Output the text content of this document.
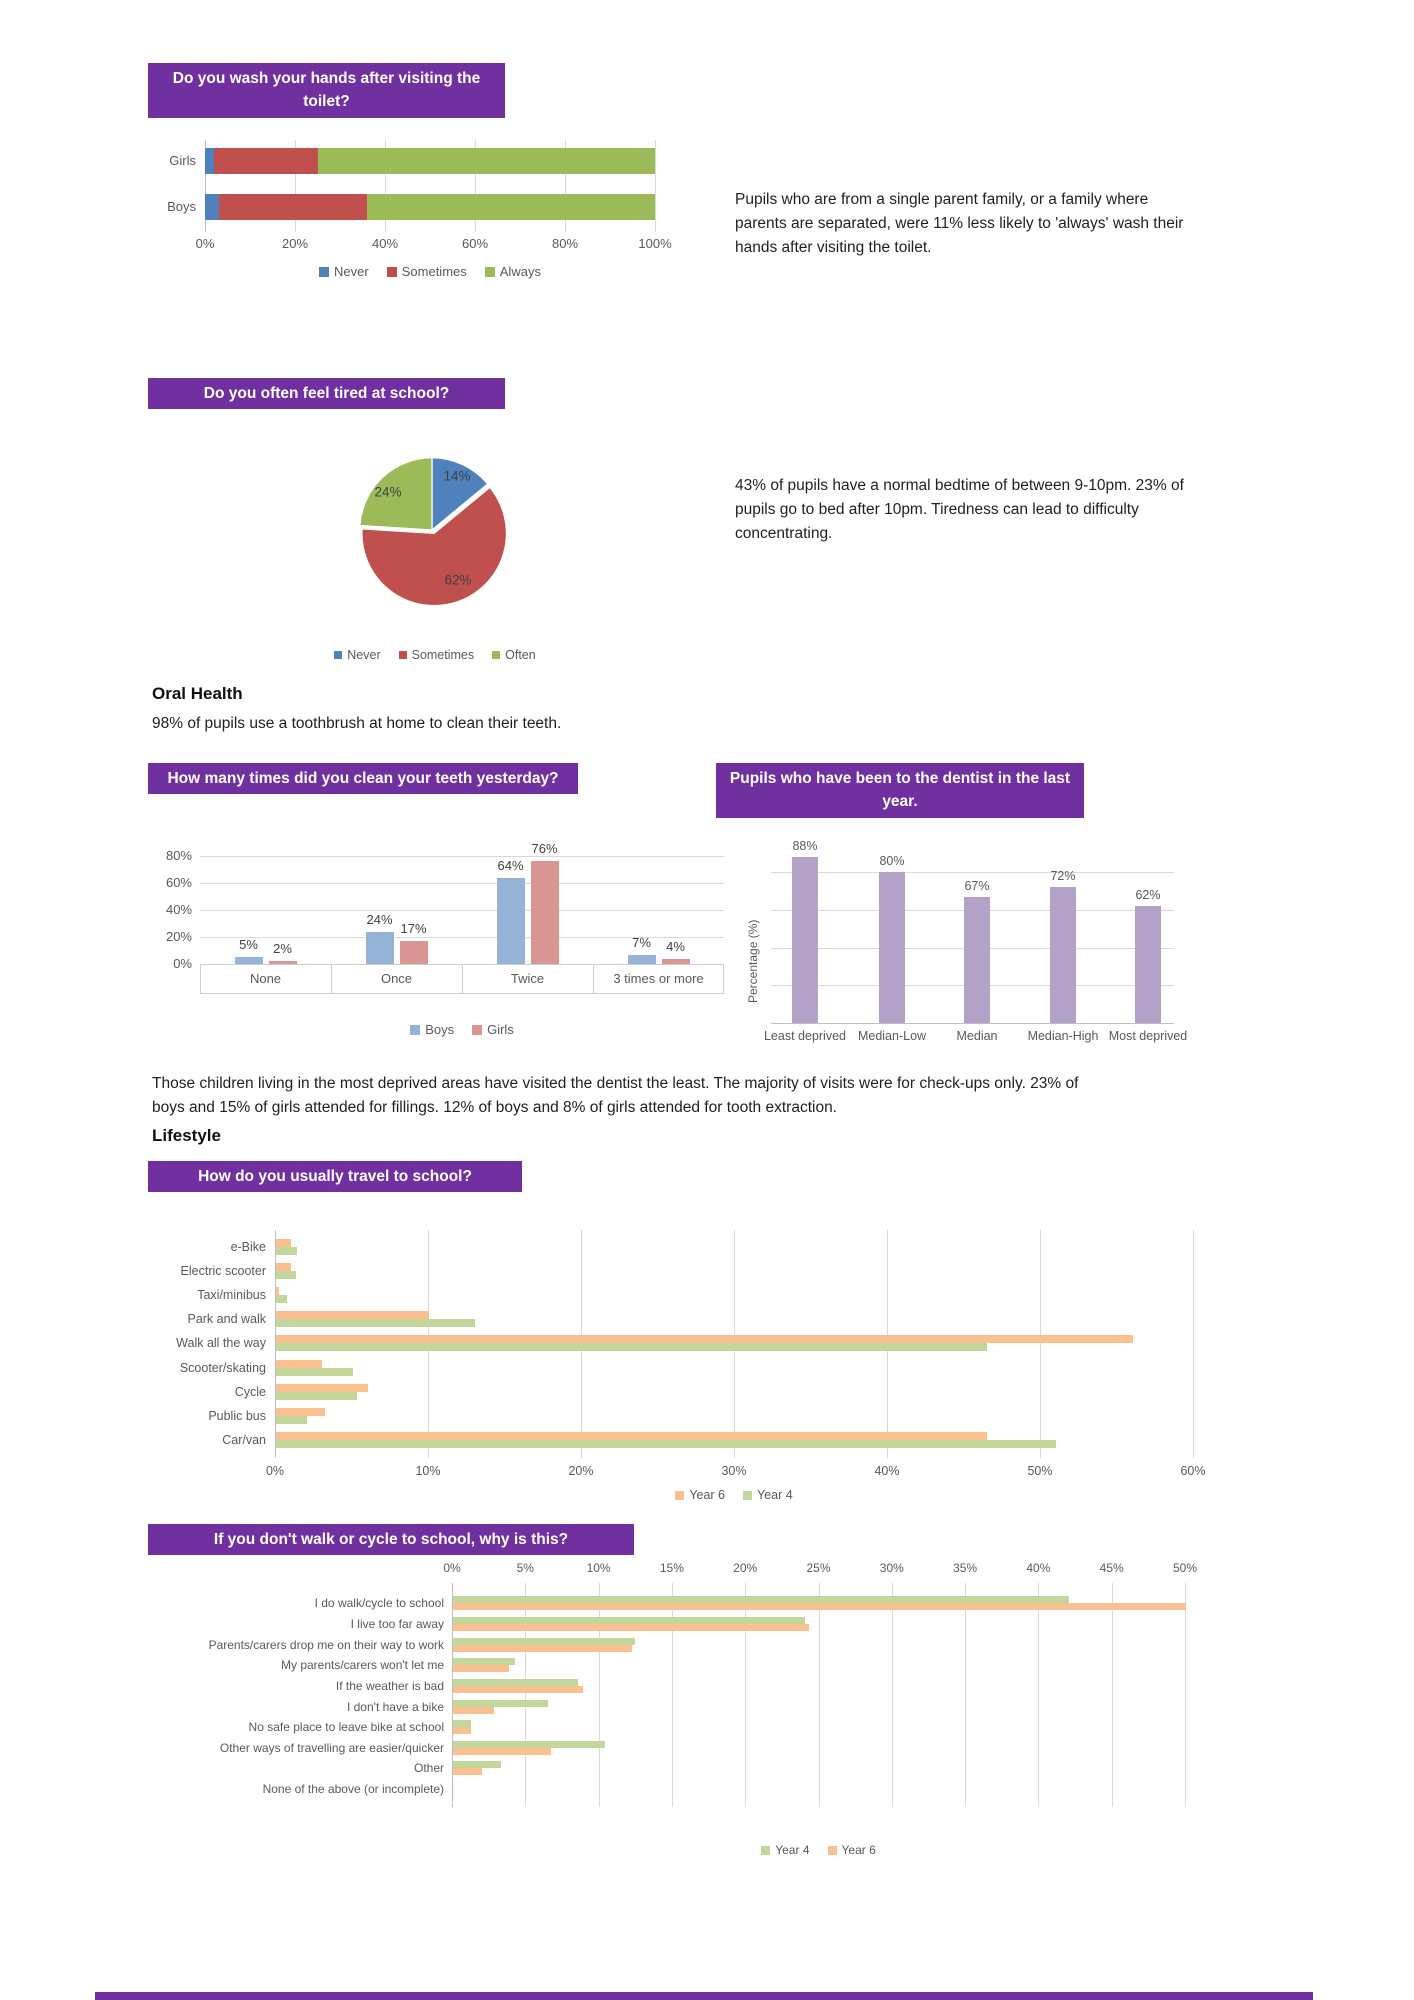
Do you wash your hands after visiting the toilet?
0%	20%	40%	60%	80%	100%
Girls
Boys
Never	Sometimes	Always
Pupils who are from a single parent family, or a family where parents are separated, were 11% less likely to 'always' wash their hands after visiting the toilet.
Do you often feel tired at school?
14%
62%
24%
Never Sometimes Often
43% of pupils have a normal bedtime of between 9-10pm. 23% of pupils go to bed after 10pm. Tiredness can lead to difficulty concentrating.
Oral Health
98% of pupils use a toothbrush at home to clean their teeth.
How many times did you clean your teeth yesterday?
0%
20%
40%
60%
80%
None
5%	2%
Once
24%
17%
Twice
64%
76%
3 times or more
7%	4%
Boys	Girls
Pupils who have been to the dentist in the last year.
Percentage (%)
88%
Least deprived
80%
Median-Low
67%
Median
72%
Median-High
62%
Most deprived
Those children living in the most deprived areas have visited the dentist the least. The majority of visits were for check-ups only. 23% of boys and 15% of girls attended for fillings. 12% of boys and 8% of girls attended for tooth extraction.
Lifestyle
How do you usually travel to school?
0%	10%	20%	30%	40%	50%	60%
e-Bike
Electric scooter
Taxi/minibus
Park and walk
Walk all the way
Scooter/skating
Cycle
Public bus
Car/van
Year 6	Year 4
If you don't walk or cycle to school, why is this?
0%	5%	10%	15%	20%	25%	30%	35%	40%	45%	50%
I do walk/cycle to school
I live too far away
Parents/carers drop me on their way to work
My parents/carers won't let me
If the weather is bad
I don't have a bike
No safe place to leave bike at school
Other ways of travelling are easier/quicker
Other
None of the above (or incomplete)
Year 4	Year 6
